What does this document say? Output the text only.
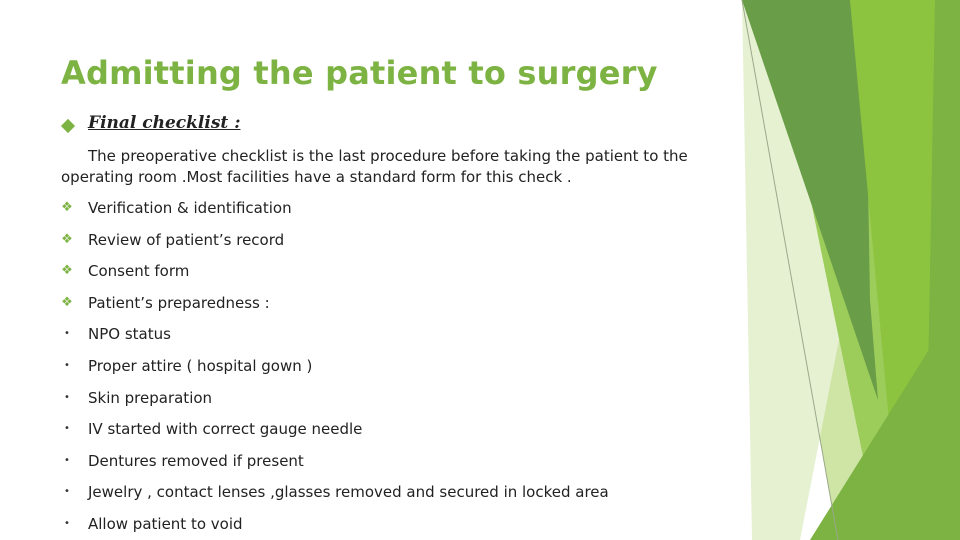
Admitting the patient to surgery
Final checklist :

The preoperative checklist is the last procedure before taking the patient to the operating room .Most facilities have a standard form for this check .

❖ Verification & identification
❖ Review of patient’s record
❖ Consent form
❖ Patient’s preparedness :
• NPO status
• Proper attire ( hospital gown )
• Skin preparation
• IV started with correct gauge needle
• Dentures removed if present
• Jewelry , contact lenses ,glasses removed and secured in locked area
• Allow patient to void
